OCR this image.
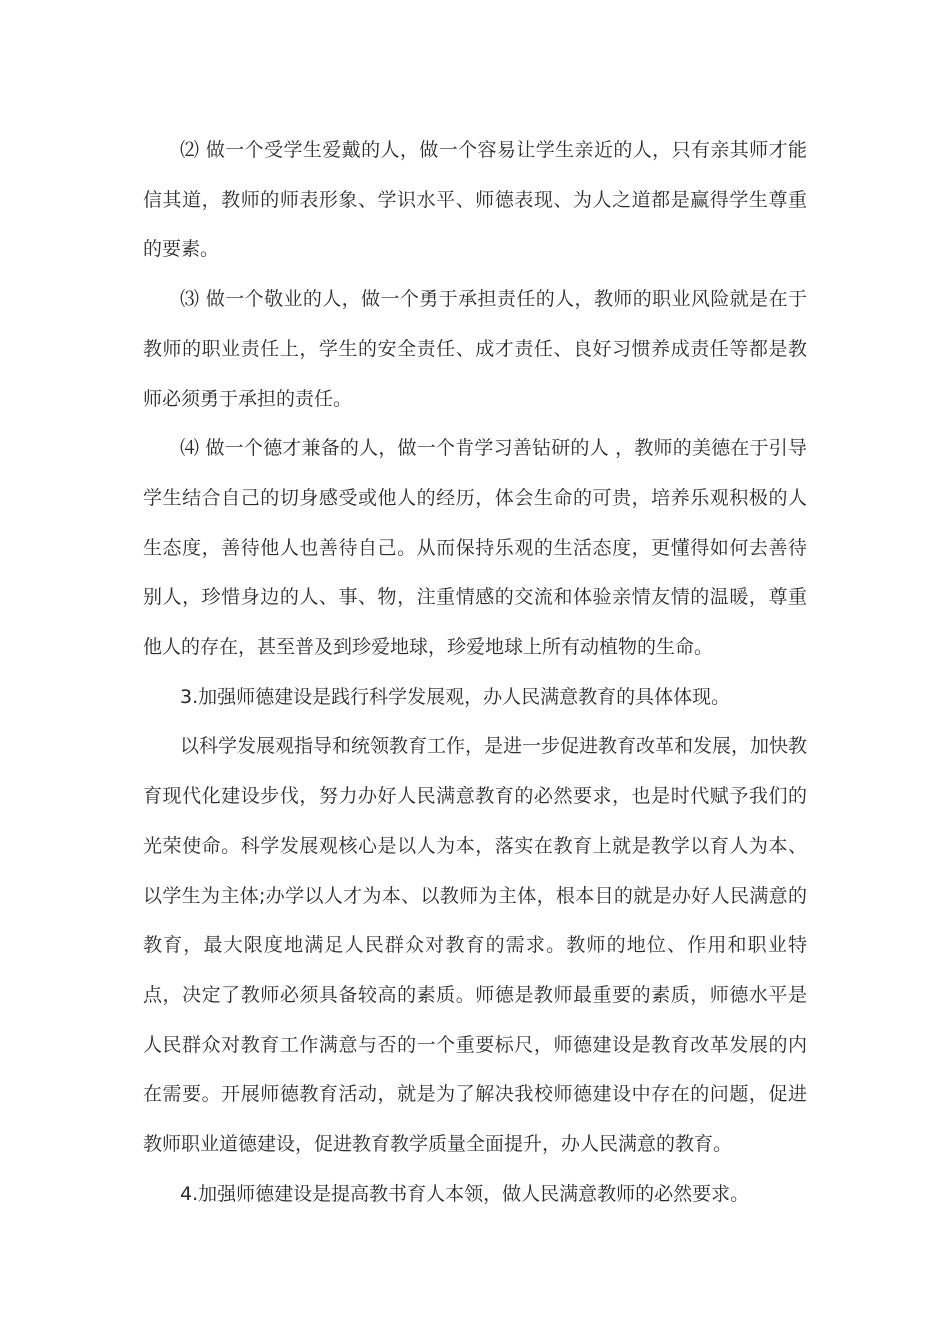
⑵ 做一个受学生爱戴的人，做一个容易让学生亲近的人，只有亲其师才能信其道，教师的师表形象、学识水平、师德表现、为人之道都是赢得学生尊重的要素。

⑶ 做一个敬业的人，做一个勇于承担责任的人，教师的职业风险就是在于教师的职业责任上，学生的安全责任、成才责任、良好习惯养成责任等都是教师必须勇于承担的责任。

⑷ 做一个德才兼备的人，做一个肯学习善钻研的人 ，教师的美德在于引导学生结合自己的切身感受或他人的经历，体会生命的可贵，培养乐观积极的人生态度，善待他人也善待自己。从而保持乐观的生活态度，更懂得如何去善待别人，珍惜身边的人、事、物，注重情感的交流和体验亲情友情的温暖，尊重他人的存在，甚至普及到珍爱地球，珍爱地球上所有动植物的生命。

3.加强师德建设是践行科学发展观，办人民满意教育的具体体现。

以科学发展观指导和统领教育工作，是进一步促进教育改革和发展，加快教育现代化建设步伐，努力办好人民满意教育的必然要求，也是时代赋予我们的光荣使命。科学发展观核心是以人为本，落实在教育上就是教学以育人为本、以学生为主体;办学以人才为本、以教师为主体，根本目的就是办好人民满意的教育，最大限度地满足人民群众对教育的需求。教师的地位、作用和职业特点，决定了教师必须具备较高的素质。师德是教师最重要的素质，师德水平是人民群众对教育工作满意与否的一个重要标尺，师德建设是教育改革发展的内在需要。开展师德教育活动，就是为了解决我校师德建设中存在的问题，促进教师职业道德建设，促进教育教学质量全面提升，办人民满意的教育。

4.加强师德建设是提高教书育人本领，做人民满意教师的必然要求。
